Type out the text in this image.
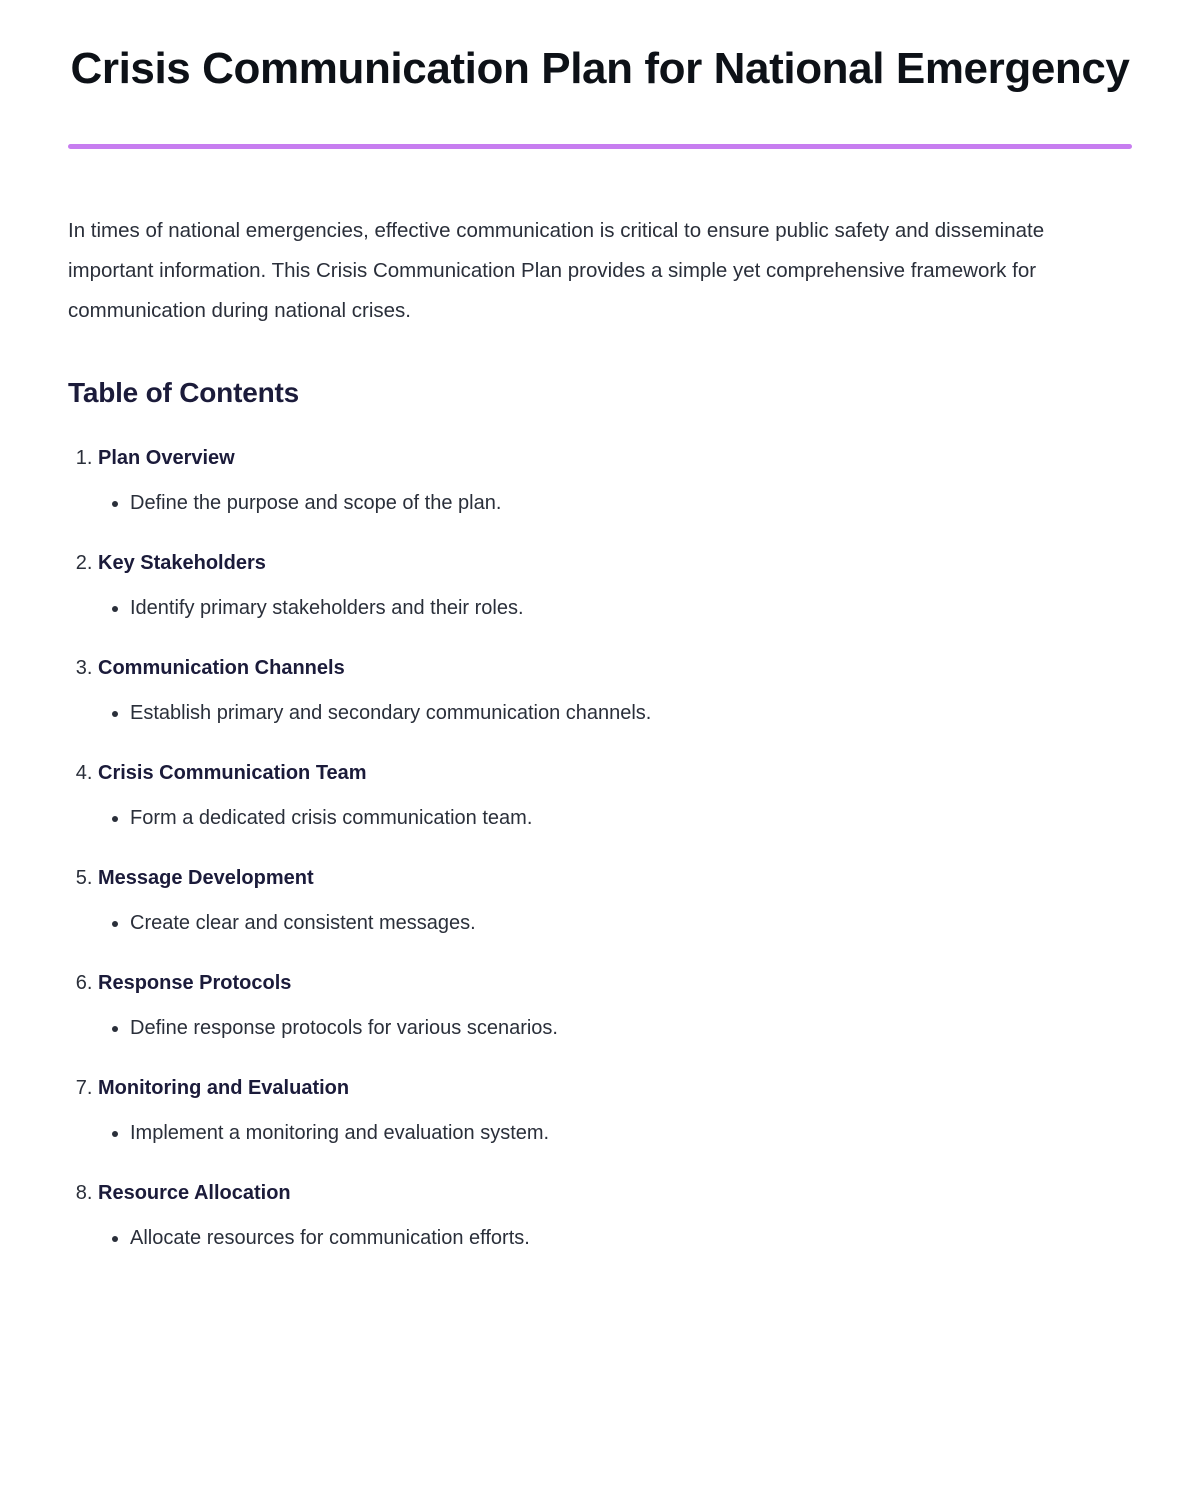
Crisis Communication Plan for National Emergency

In times of national emergencies, effective communication is critical to ensure public safety and disseminate important information. This Crisis Communication Plan provides a simple yet comprehensive framework for communication during national crises.

Table of Contents
1. Plan Overview
• Define the purpose and scope of the plan.
2. Key Stakeholders
• Identify primary stakeholders and their roles.
3. Communication Channels
• Establish primary and secondary communication channels.
4. Crisis Communication Team
• Form a dedicated crisis communication team.
5. Message Development
• Create clear and consistent messages.
6. Response Protocols
• Define response protocols for various scenarios.
7. Monitoring and Evaluation
• Implement a monitoring and evaluation system.
8. Resource Allocation
• Allocate resources for communication efforts.
